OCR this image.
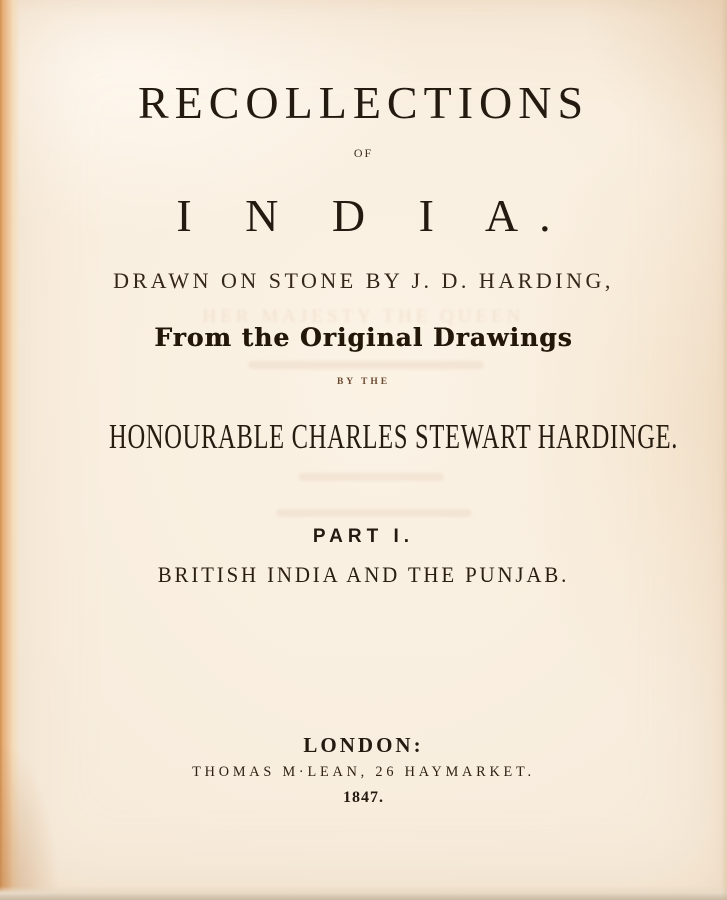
HER MAJESTY THE QUEEN
RECOLLECTIONS
OF
I N D I A.
DRAWN ON STONE BY J. D. HARDING,
From the Original Drawings
BY THE
HONOURABLE CHARLES STEWART HARDINGE.
PART I.
BRITISH INDIA AND THE PUNJAB.
LONDON:
THOMAS M·LEAN, 26 HAYMARKET.
1847.
